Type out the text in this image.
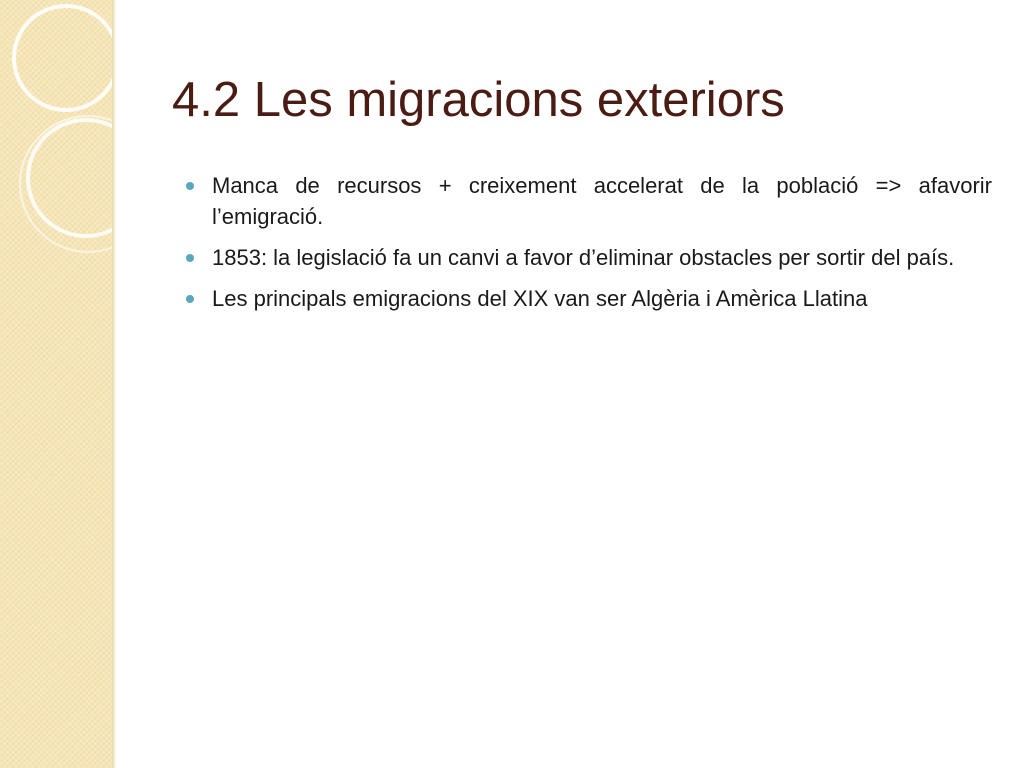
4.2 Les migracions exteriors
Manca de recursos + creixement accelerat de la població => afavorir l’emigració.
1853: la legislació fa un canvi a favor d’eliminar obstacles per sortir del país.
Les principals emigracions del XIX van ser Algèria i Amèrica Llatina
